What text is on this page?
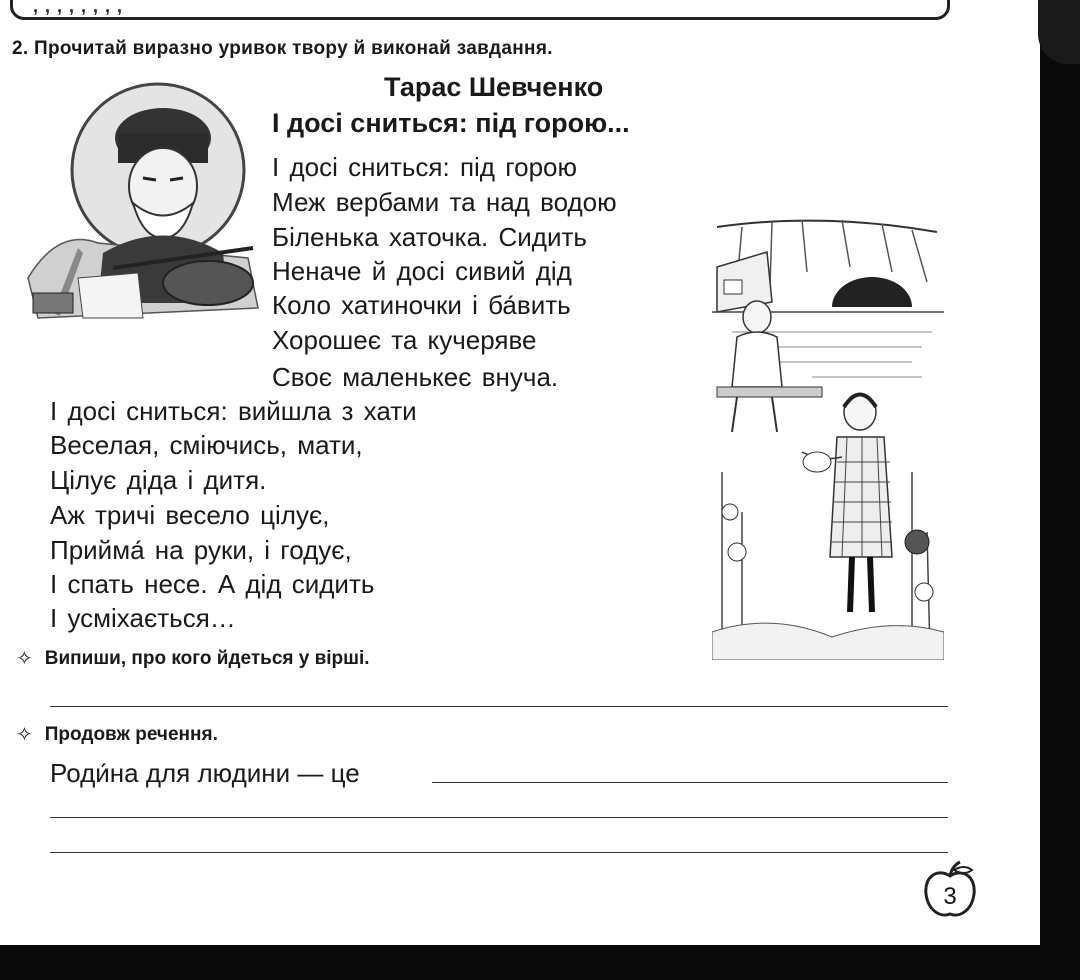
, , , , , , , ,
2. Прочитай виразно уривок твору й виконай завдання.
Тарас Шевченко
І досі сниться: під горою...
І досі сниться: під горою
Меж вербами та над водою
Біленька хаточка. Сидить
Неначе й досі сивий дід
Коло хатиночки і ба́вить
Хорошеє та кучеряве
Своє маленькеє внуча.
І досі сниться: вийшла з хати
Веселая, сміючись, мати,
Цілує діда і дитя.
Аж тричі весело цілує,
Прийма́ на руки, і годує,
І спать несе. А дід сидить
І усміхається…
✧ Випиши, про кого йдеться у вірші.
✧ Продовж речення.
Роди́на для людини — це
3
